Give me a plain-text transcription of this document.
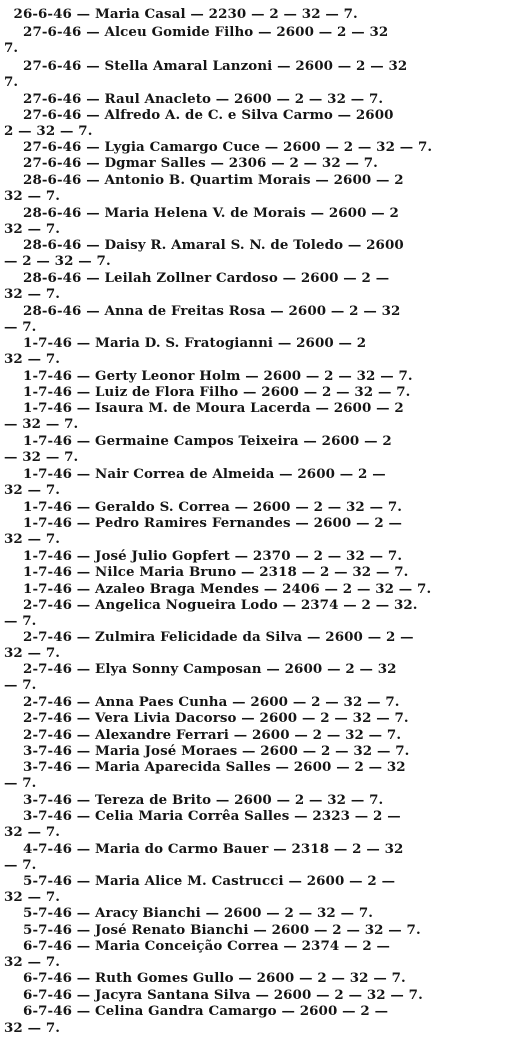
26-6-46 — Maria Casal — 2230 — 2 — 32 — 7.
27-6-46 — Alceu Gomide Filho — 2600 — 2 — 32
7.
27-6-46 — Stella Amaral Lanzoni — 2600 — 2 — 32
7.
27-6-46 — Raul Anacleto — 2600 — 2 — 32 — 7.
27-6-46 — Alfredo A. de C. e Silva Carmo — 2600
2 — 32 — 7.
27-6-46 — Lygia Camargo Cuce — 2600 — 2 — 32 — 7.
27-6-46 — Dgmar Salles — 2306 — 2 — 32 — 7.
28-6-46 — Antonio B. Quartim Morais — 2600 — 2
32 — 7.
28-6-46 — Maria Helena V. de Morais — 2600 — 2
32 — 7.
28-6-46 — Daisy R. Amaral S. N. de Toledo — 2600
— 2 — 32 — 7.
28-6-46 — Leilah Zollner Cardoso — 2600 — 2 —
32 — 7.
28-6-46 — Anna de Freitas Rosa — 2600 — 2 — 32
— 7.
1-7-46 — Maria D. S. Fratogianni — 2600 — 2
32 — 7.
1-7-46 — Gerty Leonor Holm — 2600 — 2 — 32 — 7.
1-7-46 — Luiz de Flora Filho — 2600 — 2 — 32 — 7.
1-7-46 — Isaura M. de Moura Lacerda — 2600 — 2
— 32 — 7.
1-7-46 — Germaine Campos Teixeira — 2600 — 2
— 32 — 7.
1-7-46 — Nair Correa de Almeida — 2600 — 2 —
32 — 7.
1-7-46 — Geraldo S. Correa — 2600 — 2 — 32 — 7.
1-7-46 — Pedro Ramires Fernandes — 2600 — 2 —
32 — 7.
1-7-46 — José Julio Gopfert — 2370 — 2 — 32 — 7.
1-7-46 — Nilce Maria Bruno — 2318 — 2 — 32 — 7.
1-7-46 — Azaleo Braga Mendes — 2406 — 2 — 32 — 7.
2-7-46 — Angelica Nogueira Lodo — 2374 — 2 — 32.
— 7.
2-7-46 — Zulmira Felicidade da Silva — 2600 — 2 —
32 — 7.
2-7-46 — Elya Sonny Camposan — 2600 — 2 — 32
— 7.
2-7-46 — Anna Paes Cunha — 2600 — 2 — 32 — 7.
2-7-46 — Vera Livia Dacorso — 2600 — 2 — 32 — 7.
2-7-46 — Alexandre Ferrari — 2600 — 2 — 32 — 7.
3-7-46 — Maria José Moraes — 2600 — 2 — 32 — 7.
3-7-46 — Maria Aparecida Salles — 2600 — 2 — 32
— 7.
3-7-46 — Tereza de Brito — 2600 — 2 — 32 — 7.
3-7-46 — Celia Maria Corrêa Salles — 2323 — 2 —
32 — 7.
4-7-46 — Maria do Carmo Bauer — 2318 — 2 — 32
— 7.
5-7-46 — Maria Alice M. Castrucci — 2600 — 2 —
32 — 7.
5-7-46 — Aracy Bianchi — 2600 — 2 — 32 — 7.
5-7-46 — José Renato Bianchi — 2600 — 2 — 32 — 7.
6-7-46 — Maria Conceição Correa — 2374 — 2 —
32 — 7.
6-7-46 — Ruth Gomes Gullo — 2600 — 2 — 32 — 7.
6-7-46 — Jacyra Santana Silva — 2600 — 2 — 32 — 7.
6-7-46 — Celina Gandra Camargo — 2600 — 2 —
32 — 7.
